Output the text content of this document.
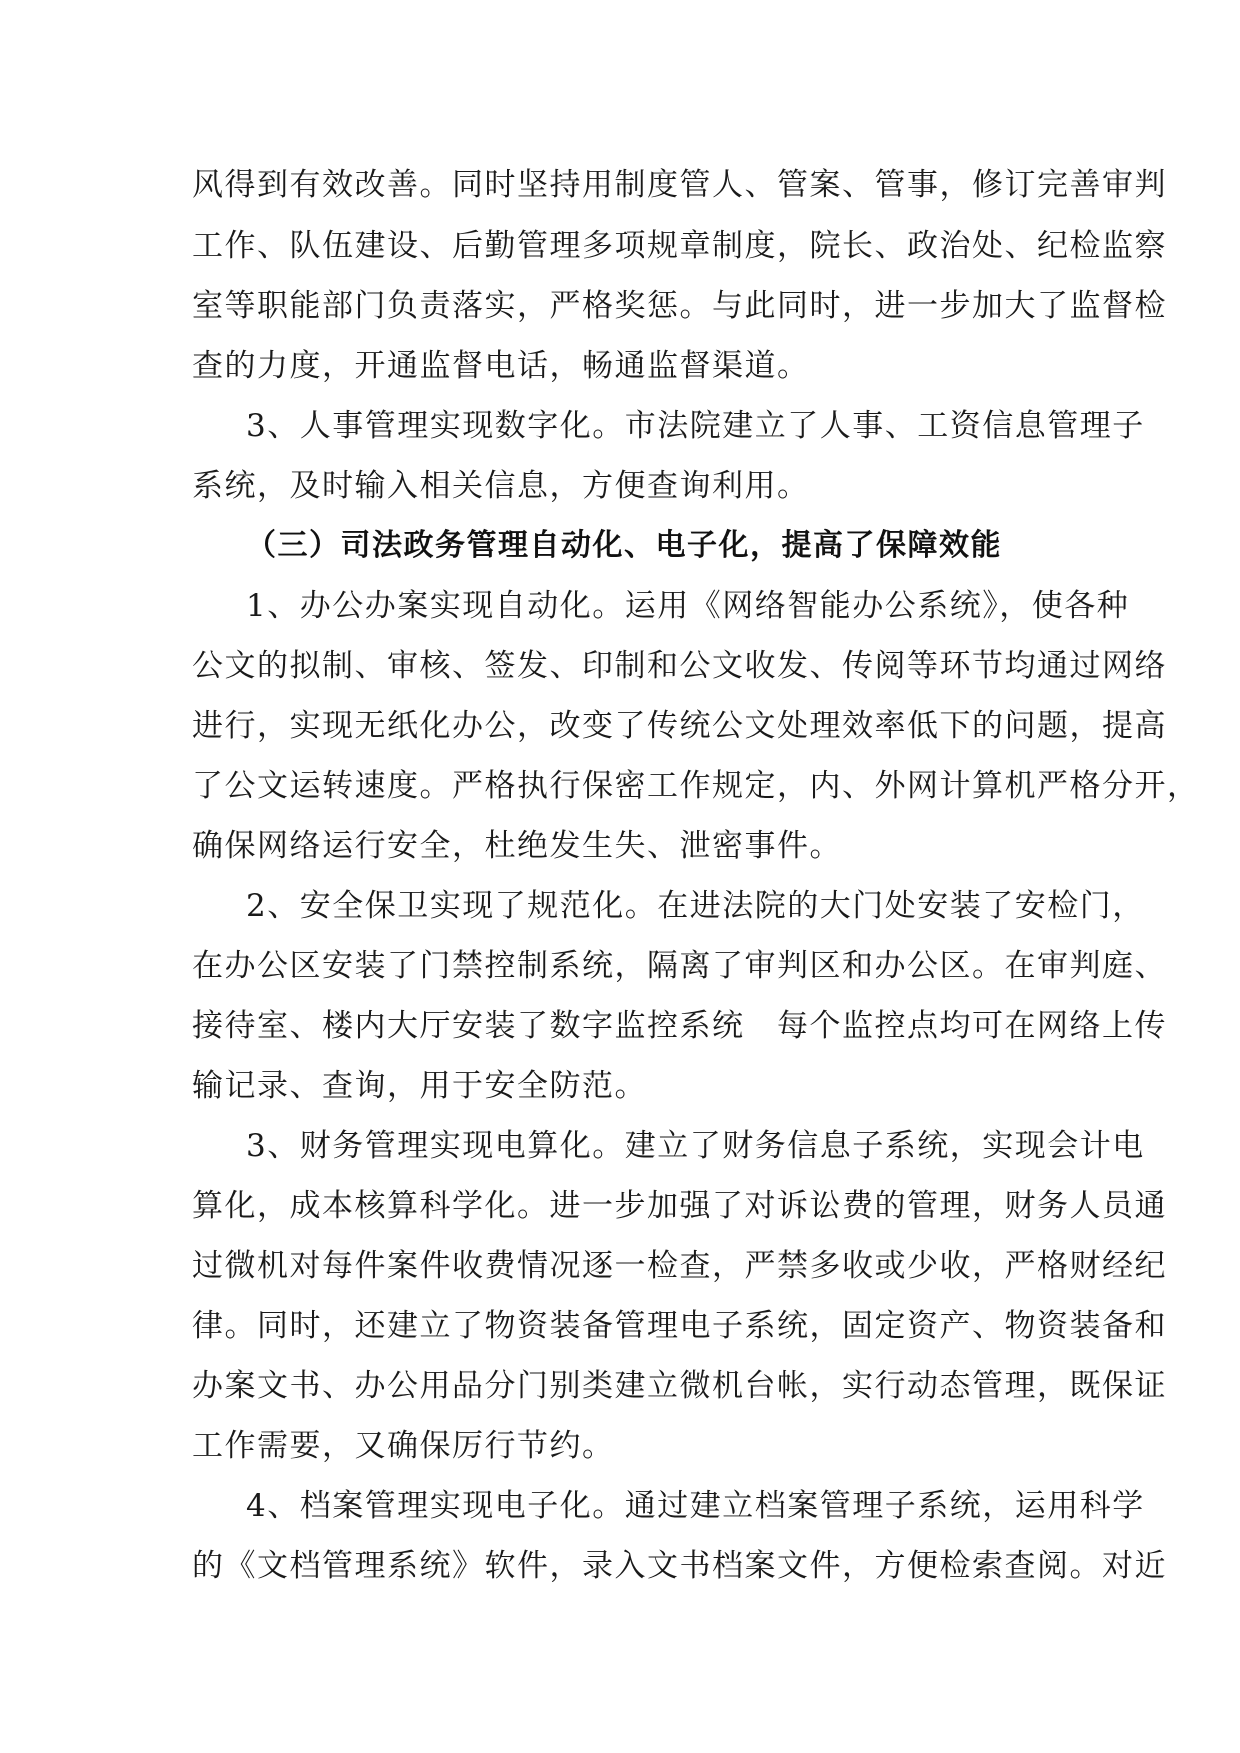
风得到有效改善。同时坚持用制度管人、管案、管事，修订完善审判
工作、队伍建设、后勤管理多项规章制度，院长、政治处、纪检监察
室等职能部门负责落实，严格奖惩。与此同时，进一步加大了监督检
查的力度，开通监督电话，畅通监督渠道。
3、人事管理实现数字化。市法院建立了人事、工资信息管理子
系统，及时输入相关信息，方便查询利用。
（三）司法政务管理自动化、电子化，提高了保障效能
1、办公办案实现自动化。运用《网络智能办公系统》，使各种
公文的拟制、审核、签发、印制和公文收发、传阅等环节均通过网络
进行，实现无纸化办公，改变了传统公文处理效率低下的问题，提高
了公文运转速度。严格执行保密工作规定，内、外网计算机严格分开，
确保网络运行安全，杜绝发生失、泄密事件。
2、安全保卫实现了规范化。在进法院的大门处安装了安检门，
在办公区安装了门禁控制系统，隔离了审判区和办公区。在审判庭、
接待室、楼内大厅安装了数字监控系统　每个监控点均可在网络上传
输记录、查询，用于安全防范。
3、财务管理实现电算化。建立了财务信息子系统，实现会计电
算化，成本核算科学化。进一步加强了对诉讼费的管理，财务人员通
过微机对每件案件收费情况逐一检查，严禁多收或少收，严格财经纪
律。同时，还建立了物资装备管理电子系统，固定资产、物资装备和
办案文书、办公用品分门别类建立微机台帐，实行动态管理，既保证
工作需要，又确保厉行节约。
4、档案管理实现电子化。通过建立档案管理子系统，运用科学
的《文档管理系统》软件，录入文书档案文件，方便检索查阅。对近
